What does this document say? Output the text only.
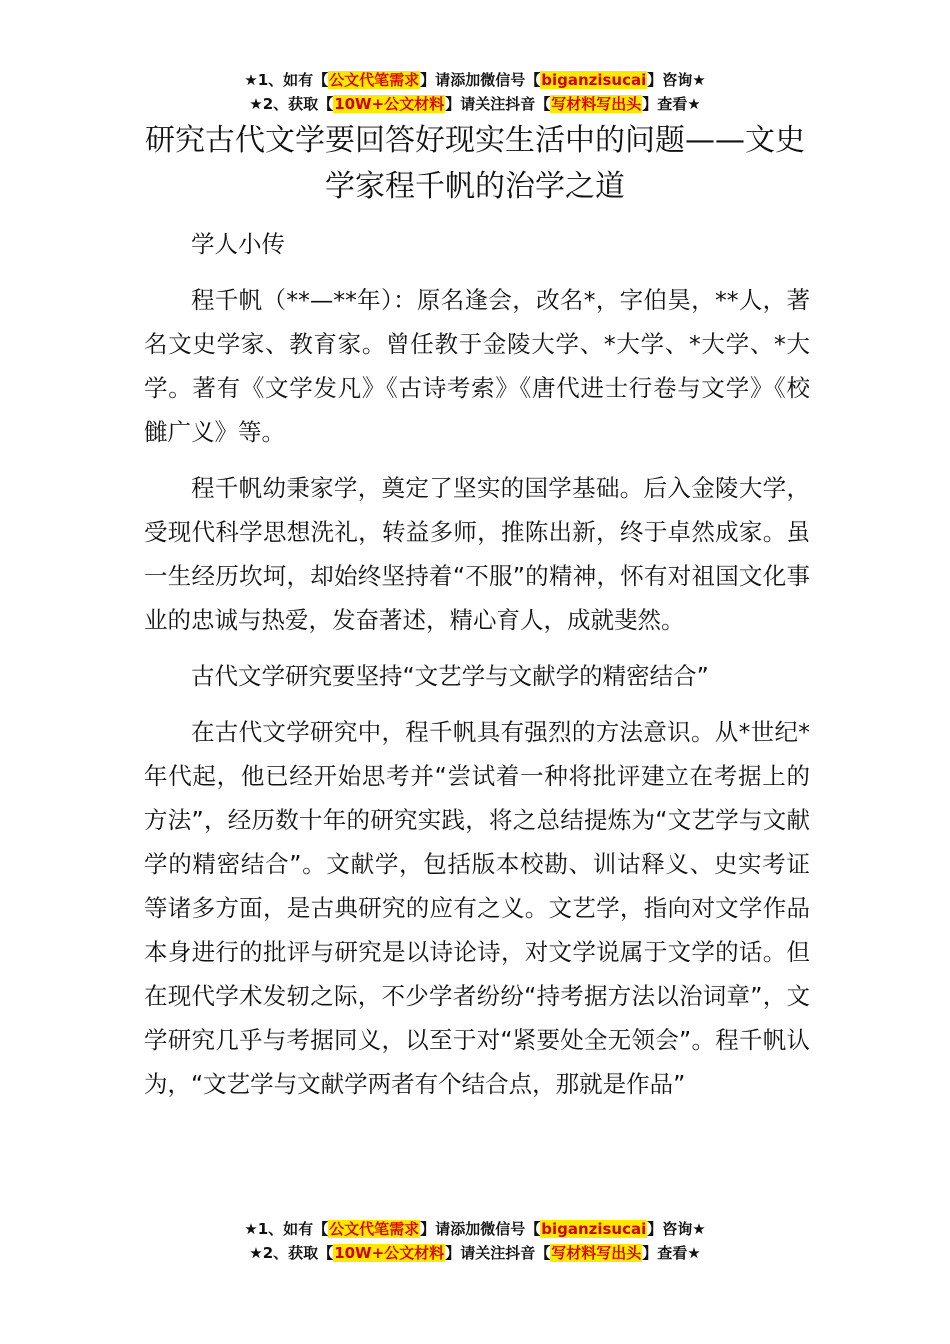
★1、如有【公文代笔需求】请添加微信号【biganzisucai】咨询★
★2、获取【10W+公文材料】请关注抖音【写材料写出头】查看★
研究古代文学要回答好现实生活中的问题——文史学家程千帆的治学之道

学人小传

程千帆（**—**年）：原名逢会，改名*，字伯昊，**人，著名文史学家、教育家。曾任教于金陵大学、*大学、*大学、*大学。著有《文学发凡》《古诗考索》《唐代进士行卷与文学》《校雠广义》等。

程千帆幼秉家学，奠定了坚实的国学基础。后入金陵大学，受现代科学思想洗礼，转益多师，推陈出新，终于卓然成家。虽一生经历坎坷，却始终坚持着“不服”的精神，怀有对祖国文化事业的忠诚与热爱，发奋著述，精心育人，成就斐然。

古代文学研究要坚持“文艺学与文献学的精密结合”

在古代文学研究中，程千帆具有强烈的方法意识。从*世纪*年代起，他已经开始思考并“尝试着一种将批评建立在考据上的方法”，经历数十年的研究实践，将之总结提炼为“文艺学与文献学的精密结合”。文献学，包括版本校勘、训诂释义、史实考证等诸多方面，是古典研究的应有之义。文艺学，指向对文学作品本身进行的批评与研究是以诗论诗，对文学说属于文学的话。但在现代学术发轫之际，不少学者纷纷“持考据方法以治词章”，文学研究几乎与考据同义，以至于对“紧要处全无领会”。程千帆认为，“文艺学与文献学两者有个结合点，那就是作品”

★1、如有【公文代笔需求】请添加微信号【biganzisucai】咨询★
★2、获取【10W+公文材料】请关注抖音【写材料写出头】查看★
